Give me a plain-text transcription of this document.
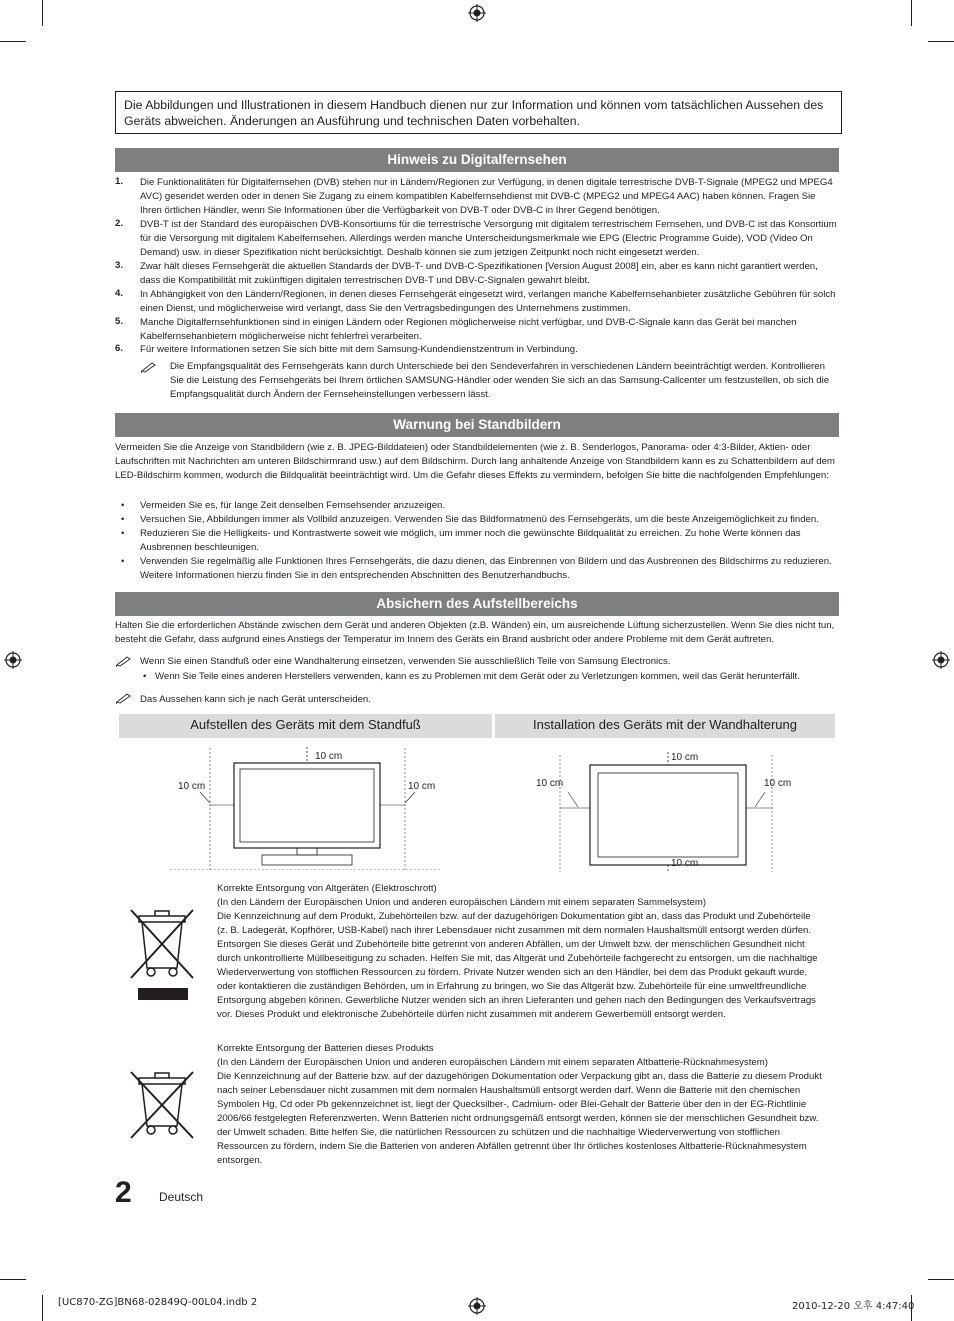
Die Abbildungen und Illustrationen in diesem Handbuch dienen nur zur Information und können vom tatsächlichen Aussehen des Geräts abweichen. Änderungen an Ausführung und technischen Daten vorbehalten.
Hinweis zu Digitalfernsehen
1. Die Funktionalitäten für Digitalfernsehen (DVB) stehen nur in Ländern/Regionen zur Verfügung, in denen digitale terrestrische DVB-T-Signale (MPEG2 und MPEG4 AVC) gesendet werden oder in denen Sie Zugang zu einem kompatiblen Kabelfernsehdienst mit DVB-C (MPEG2 und MPEG4 AAC) haben können. Fragen Sie Ihren örtlichen Händler, wenn Sie Informationen über die Verfügbarkeit von DVB-T oder DVB-C in Ihrer Gegend benötigen.
2. DVB-T ist der Standard des europäischen DVB-Konsortiums für die terrestrische Versorgung mit digitalem terrestrischem Fernsehen, und DVB-C ist das Konsortium für die Versorgung mit digitalem Kabelfernsehen. Allerdings werden manche Unterscheidungsmerkmale wie EPG (Electric Programme Guide), VOD (Video On Demand) usw. in dieser Spezifikation nicht berücksichtigt. Deshalb können sie zum jetzigen Zeitpunkt noch nicht eingesetzt werden.
3. Zwar hält dieses Fernsehgerät die aktuellen Standards der DVB-T- und DVB-C-Spezifikationen [Version August 2008] ein, aber es kann nicht garantiert werden, dass die Kompatibilität mit zukünftigen digitalen terrestrischen DVB-T und DBV-C-Signalen gewahrt bleibt.
4. In Abhängigkeit von den Ländern/Regionen, in denen dieses Fernsehgerät eingesetzt wird, verlangen manche Kabelfernsehanbieter zusätzliche Gebühren für solch einen Dienst, und möglicherweise wird verlangt, dass Sie den Vertragsbedingungen des Unternehmens zustimmen.
5. Manche Digitalfernsehfunktionen sind in einigen Ländern oder Regionen möglicherweise nicht verfügbar, und DVB-C-Signale kann das Gerät bei manchen Kabelfernsehanbietern möglicherweise nicht fehlerfrei verarbeiten.
6. Für weitere Informationen setzen Sie sich bitte mit dem Samsung-Kundendienstzentrum in Verbindung.
Die Empfangsqualität des Fernsehgeräts kann durch Unterschiede bei den Sendeverfahren in verschiedenen Ländern beeinträchtigt werden. Kontrollieren Sie die Leistung des Fernsehgeräts bei Ihrem örtlichen SAMSUNG-Händler oder wenden Sie sich an das Samsung-Callcenter um festzustellen, ob sich die Empfangsqualität durch Ändern der Fernseheinstellungen verbessern lässt.
Warnung bei Standbildern
Vermeiden Sie die Anzeige von Standbildern (wie z. B. JPEG-Bilddateien) oder Standbildelementen (wie z. B. Senderlogos, Panorama- oder 4:3-Bilder, Aktien- oder Laufschriften mit Nachrichten am unteren Bildschirmrand usw.) auf dem Bildschirm. Durch lang anhaltende Anzeige von Standbildern kann es zu Schattenbildern auf dem LED-Bildschirm kommen, wodurch die Bildqualität beeinträchtigt wird. Um die Gefahr dieses Effekts zu vermindern, befolgen Sie bitte die nachfolgenden Empfehlungen:
• Vermeiden Sie es, für lange Zeit denselben Fernsehsender anzuzeigen.
• Versuchen Sie, Abbildungen immer als Vollbild anzuzeigen. Verwenden Sie das Bildformatmenü des Fernsehgeräts, um die beste Anzeigemöglichkeit zu finden.
• Reduzieren Sie die Helligkeits- und Kontrastwerte soweit wie möglich, um immer noch die gewünschte Bildqualität zu erreichen. Zu hohe Werte können das Ausbrennen beschleunigen.
• Verwenden Sie regelmäßig alle Funktionen Ihres Fernsehgeräts, die dazu dienen, das Einbrennen von Bildern und das Ausbrennen des Bildschirms zu reduzieren. Weitere Informationen hierzu finden Sie in den entsprechenden Abschnitten des Benutzerhandbuchs.
Absichern des Aufstellbereichs
Halten Sie die erforderlichen Abstände zwischen dem Gerät und anderen Objekten (z.B. Wänden) ein, um ausreichende Lüftung sicherzustellen. Wenn Sie dies nicht tun, besteht die Gefahr, dass aufgrund eines Anstiegs der Temperatur im Innern des Geräts ein Brand ausbricht oder andere Probleme mit dem Gerät auftreten.
Wenn Sie einen Standfuß oder eine Wandhalterung einsetzen, verwenden Sie ausschließlich Teile von Samsung Electronics.
• Wenn Sie Teile eines anderen Herstellers verwenden, kann es zu Problemen mit dem Gerät oder zu Verletzungen kommen, weil das Gerät herunterfällt.
Das Aussehen kann sich je nach Gerät unterscheiden.
Aufstellen des Geräts mit dem Standfuß	Installation des Geräts mit der Wandhalterung
10 cm
10 cm	10 cm
10 cm
10 cm	10 cm
10 cm
Korrekte Entsorgung von Altgeräten (Elektroschrott)
(In den Ländern der Europäischen Union und anderen europäischen Ländern mit einem separaten Sammelsystem)
Die Kennzeichnung auf dem Produkt, Zubehörteilen bzw. auf der dazugehörigen Dokumentation gibt an, dass das Produkt und Zubehörteile (z. B. Ladegerät, Kopfhörer, USB-Kabel) nach ihrer Lebensdauer nicht zusammen mit dem normalen Haushaltsmüll entsorgt werden dürfen. Entsorgen Sie dieses Gerät und Zubehörteile bitte getrennt von anderen Abfällen, um der Umwelt bzw. der menschlichen Gesundheit nicht durch unkontrollierte Müllbeseitigung zu schaden. Helfen Sie mit, das Altgerät und Zubehörteile fachgerecht zu entsorgen, um die nachhaltige Wiederverwertung von stofflichen Ressourcen zu fördern. Private Nutzer wenden sich an den Händler, bei dem das Produkt gekauft wurde, oder kontaktieren die zuständigen Behörden, um in Erfahrung zu bringen, wo Sie das Altgerät bzw. Zubehörteile für eine umweltfreundliche Entsorgung abgeben können. Gewerbliche Nutzer wenden sich an ihren Lieferanten und gehen nach den Bedingungen des Verkaufsvertrags vor. Dieses Produkt und elektronische Zubehörteile dürfen nicht zusammen mit anderem Gewerbemüll entsorgt werden.
Korrekte Entsorgung der Batterien dieses Produkts
(In den Ländern der Europäischen Union und anderen europäischen Ländern mit einem separaten Altbatterie-Rücknahmesystem)
Die Kennzeichnung auf der Batterie bzw. auf der dazugehörigen Dokumentation oder Verpackung gibt an, dass die Batterie zu diesem Produkt nach seiner Lebensdauer nicht zusammen mit dem normalen Haushaltsmüll entsorgt werden darf. Wenn die Batterie mit den chemischen Symbolen Hg, Cd oder Pb gekennzeichnet ist, liegt der Quecksilber-, Cadmium- oder Blei-Gehalt der Batterie über den in der EG-Richtlinie 2006/66 festgelegten Referenzwerten. Wenn Batterien nicht ordnungsgemäß entsorgt werden, können sie der menschlichen Gesundheit bzw. der Umwelt schaden. Bitte helfen Sie, die natürlichen Ressourcen zu schützen und die nachhaltige Wiederverwertung von stofflichen Ressourcen zu fördern, indem Sie die Batterien von anderen Abfällen getrennt über Ihr örtliches kostenloses Altbatterie-Rücknahmesystem entsorgen.
2 Deutsch
[UC870-ZG]BN68-02849Q-00L04.indb 2	2010-12-20 오후 4:47:40
